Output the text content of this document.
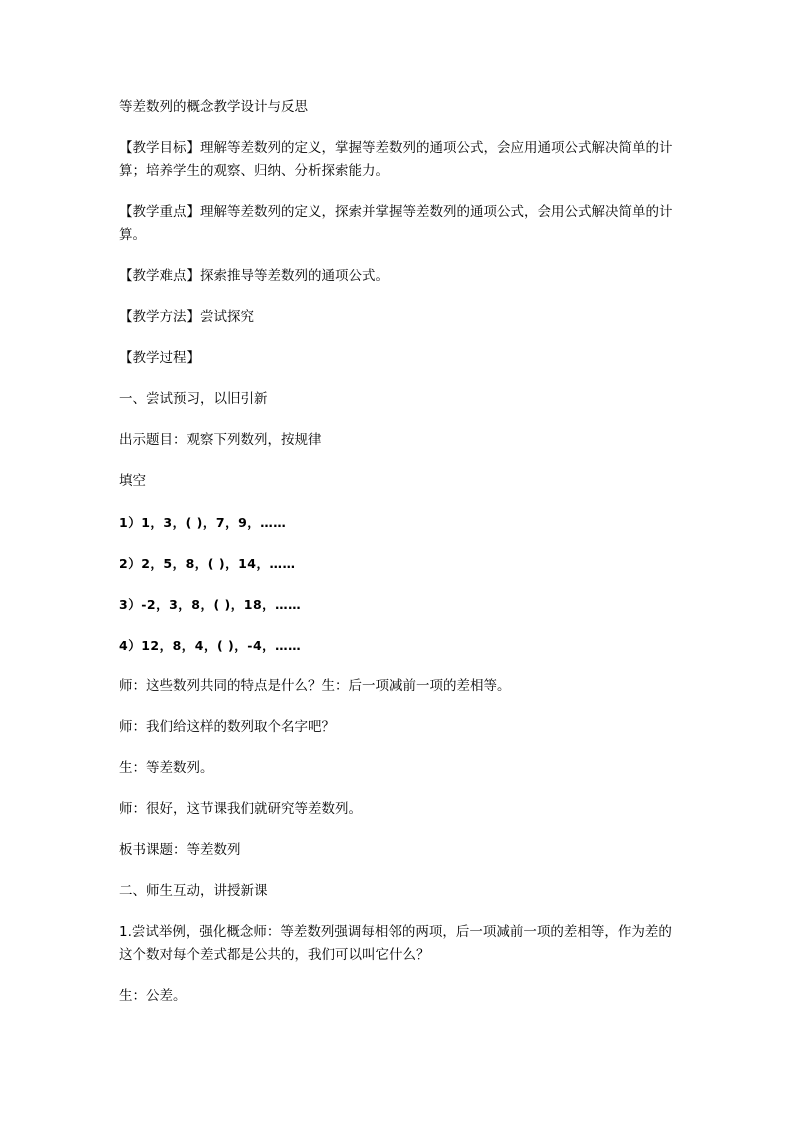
等差数列的概念教学设计与反思

【教学目标】理解等差数列的定义，掌握等差数列的通项公式，会应用通项公式解决简单的计算；培养学生的观察、归纳、分析探索能力。

【教学重点】理解等差数列的定义，探索并掌握等差数列的通项公式，会用公式解决简单的计算。

【教学难点】探索推导等差数列的通项公式。

【教学方法】尝试探究

【教学过程】

一、尝试预习，以旧引新

出示题目：观察下列数列，按规律

填空

1）1，3，( )，7，9，……

2）2，5，8，( )，14，……

3）-2，3，8，( )，18，……

4）12，8，4，( )，-4，……

师：这些数列共同的特点是什么？生：后一项减前一项的差相等。

师：我们给这样的数列取个名字吧？

生：等差数列。

师：很好，这节课我们就研究等差数列。

板书课题：等差数列

二、师生互动，讲授新课

1.尝试举例，强化概念师：等差数列强调每相邻的两项，后一项减前一项的差相等，作为差的这个数对每个差式都是公共的，我们可以叫它什么？

生：公差。
